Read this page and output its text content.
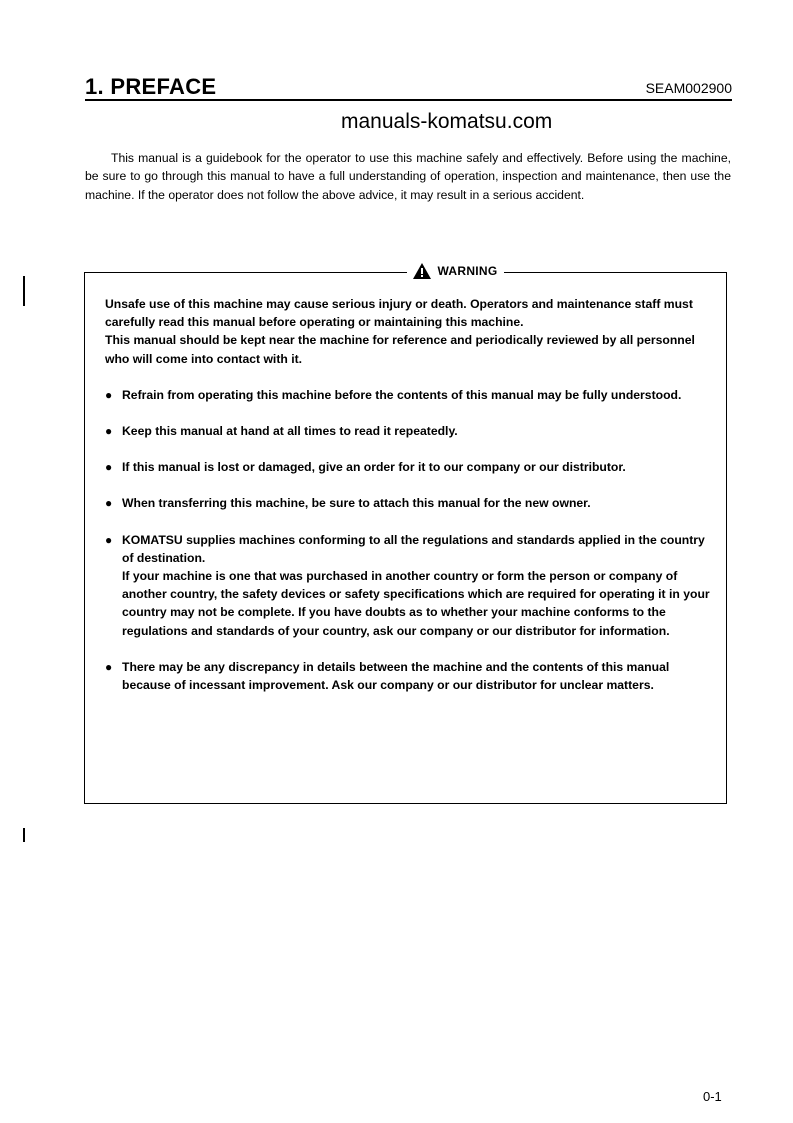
1. PREFACE	SEAM002900
manuals-komatsu.com

This manual is a guidebook for the operator to use this machine safely and effectively. Before using the machine, be sure to go through this manual to have a full understanding of operation, inspection and maintenance, then use the machine. If the operator does not follow the above advice, it may result in a serious accident.

WARNING

Unsafe use of this machine may cause serious injury or death. Operators and maintenance staff must carefully read this manual before operating or maintaining this machine.

This manual should be kept near the machine for reference and periodically reviewed by all personnel who will come into contact with it.

● Refrain from operating this machine before the contents of this manual may be fully understood.
● Keep this manual at hand at all times to read it repeatedly.
● If this manual is lost or damaged, give an order for it to our company or our distributor.
● When transferring this machine, be sure to attach this manual for the new owner.
● KOMATSU supplies machines conforming to all the regulations and standards applied in the country of destination.
If your machine is one that was purchased in another country or form the person or company of another country, the safety devices or safety specifications which are required for operating it in your country may not be complete. If you have doubts as to whether your machine conforms to the regulations and standards of your country, ask our company or our distributor for information.
● There may be any discrepancy in details between the machine and the contents of this manual because of incessant improvement. Ask our company or our distributor for unclear matters.
0-1
